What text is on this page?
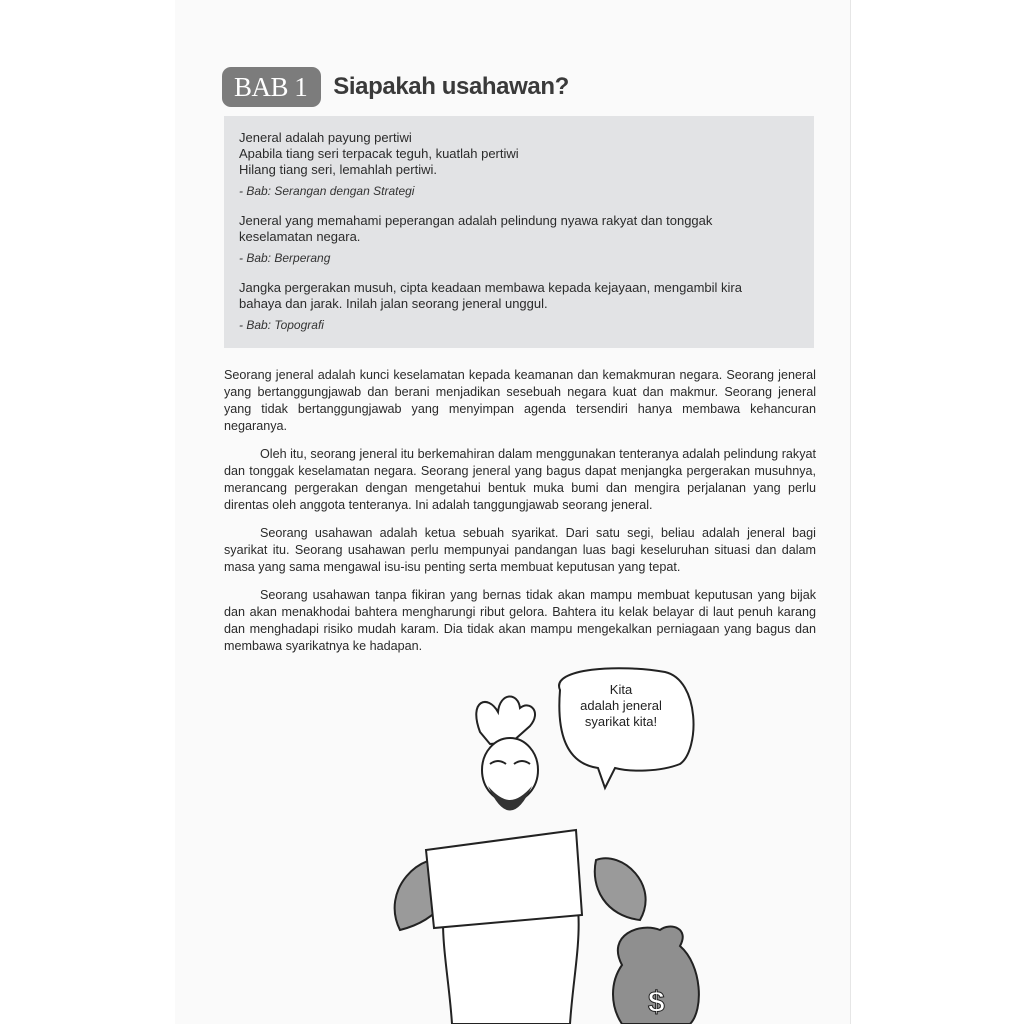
BAB 1	Siapakah usahawan?
Jeneral adalah payung pertiwi
Apabila tiang seri terpacak teguh, kuatlah pertiwi
Hilang tiang seri, lemahlah pertiwi.
- Bab: Serangan dengan Strategi
Jeneral yang memahami peperangan adalah pelindung nyawa rakyat dan tonggak
keselamatan negara.
- Bab: Berperang
Jangka pergerakan musuh, cipta keadaan membawa kepada kejayaan, mengambil kira
bahaya dan jarak. Inilah jalan seorang jeneral unggul.
- Bab: Topografi

Seorang jeneral adalah kunci keselamatan kepada keamanan dan kemakmuran negara. Seorang jeneral yang bertanggungjawab dan berani menjadikan sesebuah negara kuat dan makmur. Seorang jeneral yang tidak bertanggungjawab yang menyimpan agenda tersendiri hanya membawa kehancuran negaranya.

Oleh itu, seorang jeneral itu berkemahiran dalam menggunakan tenteranya adalah pelindung rakyat dan tonggak keselamatan negara. Seorang jeneral yang bagus dapat menjangka pergerakan musuhnya, merancang pergerakan dengan mengetahui bentuk muka bumi dan mengira perjalanan yang perlu direntas oleh anggota tenteranya. Ini adalah tanggungjawab seorang jeneral.

Seorang usahawan adalah ketua sebuah syarikat. Dari satu segi, beliau adalah jeneral bagi syarikat itu. Seorang usahawan perlu mempunyai pandangan luas bagi keseluruhan situasi dan dalam masa yang sama mengawal isu-isu penting serta membuat keputusan yang tepat.

Seorang usahawan tanpa fikiran yang bernas tidak akan mampu membuat keputusan yang bijak dan akan menakhodai bahtera mengharungi ribut gelora. Bahtera itu kelak belayar di laut penuh karang dan menghadapi risiko mudah karam. Dia tidak akan mampu mengekalkan perniagaan yang bagus dan membawa syarikatnya ke hadapan.

$
Kita
adalah jeneral
syarikat kita!
